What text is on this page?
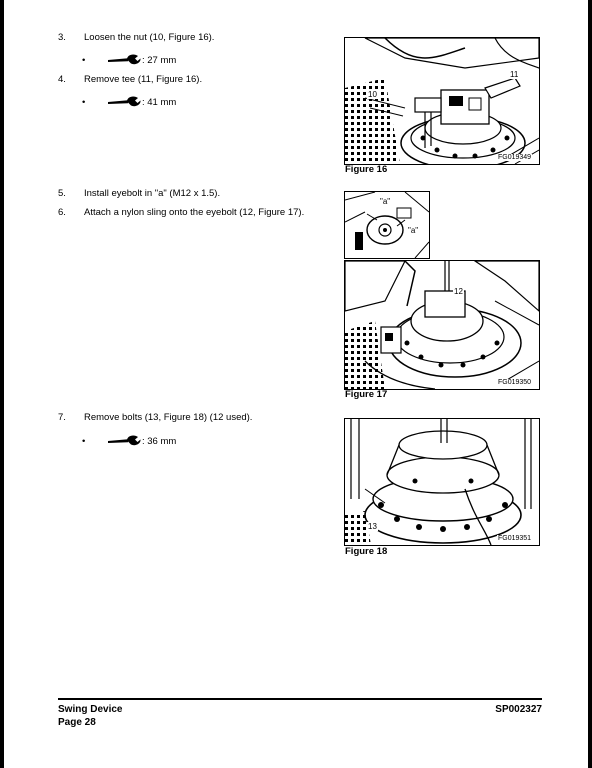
3.	Loosen the nut (10, Figure 16).
•	: 27 mm
4.	Remove tee (11, Figure 16).
•	: 41 mm
5.	Install eyebolt in "a" (M12 x 1.5).
6.	Attach a nylon sling onto the eyebolt (12, Figure 17).
7.	Remove bolts (13, Figure 18) (12 used).
•	: 36 mm
11
10
FG019349
Figure 16
"a"
"a"
12
FG019350
Figure 17
13
FG019351
Figure 18
Swing Device
Page 28
SP002327
